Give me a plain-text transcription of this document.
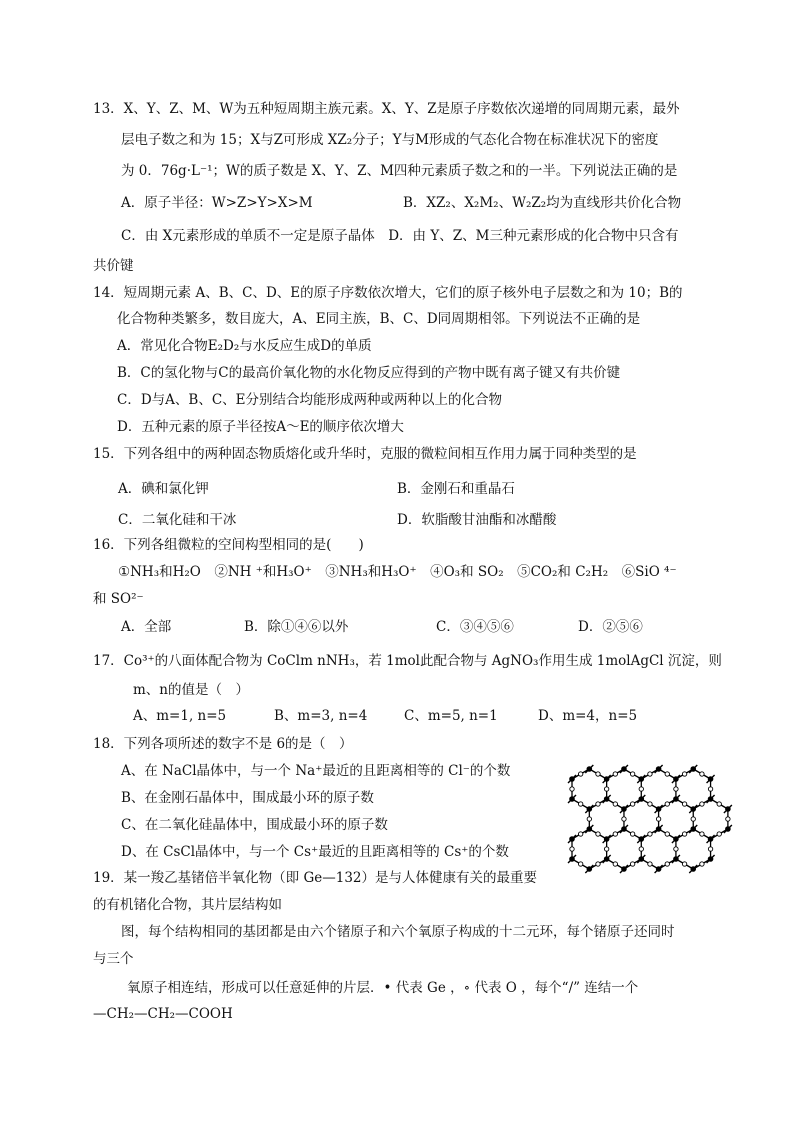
13．X、Y、Z、M、W为五种短周期主族元素。X、Y、Z是原子序数依次递增的同周期元素，最外
层电子数之和为 15；X与Z可形成 XZ₂分子；Y与M形成的气态化合物在标准状况下的密度
为 0．76g·L⁻¹；W的质子数是 X、Y、Z、M四种元素质子数之和的一半。下列说法正确的是
A．原子半径：W>Z>Y>X>M	B．XZ₂、X₂M₂、W₂Z₂均为直线形共价化合物
C．由 X元素形成的单质不一定是原子晶体　D．由 Y、Z、M三种元素形成的化合物中只含有
共价键
14．短周期元素 A、B、C、D、E的原子序数依次增大，它们的原子核外电子层数之和为 10；B的
化合物种类繁多，数目庞大，A、E同主族，B、C、D同周期相邻。下列说法不正确的是
A．常见化合物E₂D₂与水反应生成D的单质
B．C的氢化物与C的最高价氧化物的水化物反应得到的产物中既有离子键又有共价键
C．D与A、B、C、E分别结合均能形成两种或两种以上的化合物
D．五种元素的原子半径按A～E的顺序依次增大
15．下列各组中的两种固态物质熔化或升华时，克服的微粒间相互作用力属于同种类型的是
A．碘和氯化钾	B．金刚石和重晶石
C．二氧化硅和干冰	D．软脂酸甘油酯和冰醋酸
16．下列各组微粒的空间构型相同的是(　　)
①NH₃和H₂O　②NH ⁺和H₃O⁺　③NH₃和H₃O⁺　④O₃和 SO₂　⑤CO₂和 C₂H₂　⑥SiO ⁴⁻
和 SO²⁻
A．全部	B．除①④⑥以外	C．③④⑤⑥	D．②⑤⑥
17．Co³⁺的八面体配合物为 CoClm nNH₃，若 1mol此配合物与 AgNO₃作用生成 1molAgCl 沉淀，则
m、n的值是（　）
A、m=1, n=5	B、m=3, n=4	C、m=5, n=1	D、m=4，n=5
18．下列各项所述的数字不是 6的是（　）
A、在 NaCl晶体中，与一个 Na⁺最近的且距离相等的 Cl⁻的个数
B、在金刚石晶体中，围成最小环的原子数
C、在二氧化硅晶体中，围成最小环的原子数
D、在 CsCl晶体中，与一个 Cs⁺最近的且距离相等的 Cs⁺的个数
19．某一羧乙基锗倍半氧化物（即 Ge—132）是与人体健康有关的最重要
的有机锗化合物，其片层结构如
图，每个结构相同的基团都是由六个锗原子和六个氧原子构成的十二元环，每个锗原子还同时
与三个
氧原子相连结，形成可以任意延伸的片层．• 代表 Ge ，∘ 代表 O ，每个“/” 连结一个
—CH₂—CH₂—COOH
